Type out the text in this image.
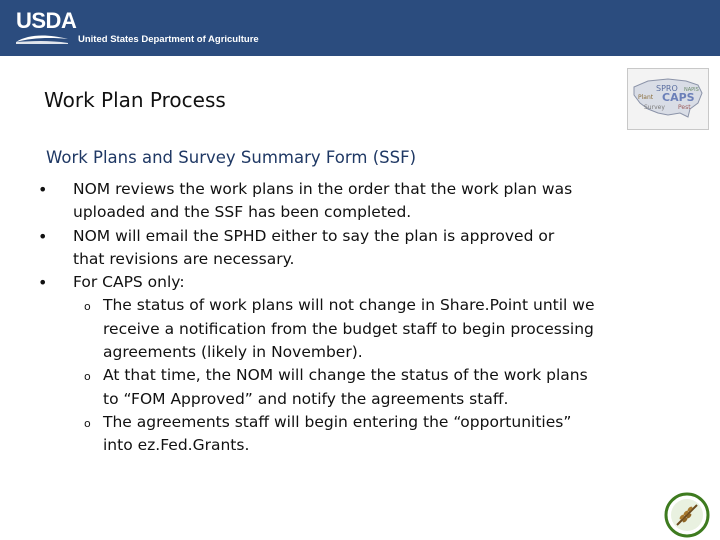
USDA
United States Department of Agriculture
Work Plan Process	SPRO
CAPS
Plant
Survey Pest
NAPIS
Work Plans and Survey Summary Form (SSF)
• NOM reviews the work plans in the order that the work plan was
uploaded and the SSF has been completed.
• NOM will email the SPHD either to say the plan is approved or
that revisions are necessary.
• For CAPS only:
o The status of work plans will not change in Share.Point until we
receive a notification from the budget staff to begin processing
agreements (likely in November).
o At that time, the NOM will change the status of the work plans
to “FOM Approved” and notify the agreements staff.
o The agreements staff will begin entering the “opportunities”
into ez.Fed.Grants.
